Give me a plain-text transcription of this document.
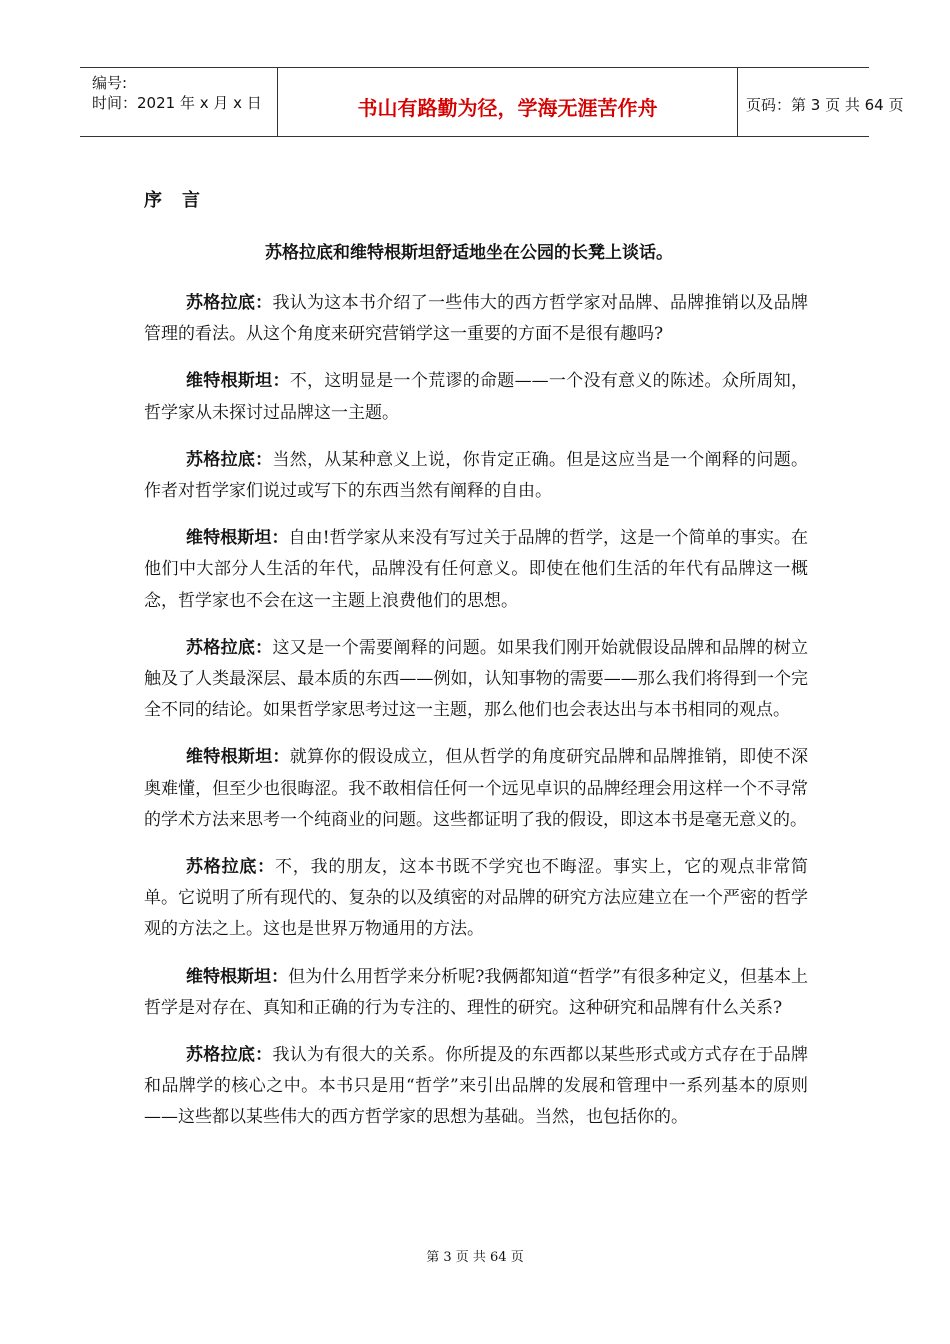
编号:
时间：2021 年 x 月 x 日	书山有路勤为径，学海无涯苦作舟	页码：第 3 页 共 64 页
序言
苏格拉底和维特根斯坦舒适地坐在公园的长凳上谈话。

苏格拉底：我认为这本书介绍了一些伟大的西方哲学家对品牌、品牌推销以及品牌管理的看法。从这个角度来研究营销学这一重要的方面不是很有趣吗?

维特根斯坦：不，这明显是一个荒谬的命题——一个没有意义的陈述。众所周知，哲学家从未探讨过品牌这一主题。

苏格拉底：当然，从某种意义上说，你肯定正确。但是这应当是一个阐释的问题。作者对哲学家们说过或写下的东西当然有阐释的自由。

维特根斯坦：自由!哲学家从来没有写过关于品牌的哲学，这是一个简单的事实。在他们中大部分人生活的年代，品牌没有任何意义。即使在他们生活的年代有品牌这一概念，哲学家也不会在这一主题上浪费他们的思想。

苏格拉底：这又是一个需要阐释的问题。如果我们刚开始就假设品牌和品牌的树立触及了人类最深层、最本质的东西——例如，认知事物的需要——那么我们将得到一个完全不同的结论。如果哲学家思考过这一主题，那么他们也会表达出与本书相同的观点。

维特根斯坦：就算你的假设成立，但从哲学的角度研究品牌和品牌推销，即使不深奥难懂，但至少也很晦涩。我不敢相信任何一个远见卓识的品牌经理会用这样一个不寻常的学术方法来思考一个纯商业的问题。这些都证明了我的假设，即这本书是毫无意义的。

苏格拉底：不，我的朋友，这本书既不学究也不晦涩。事实上，它的观点非常简单。它说明了所有现代的、复杂的以及缜密的对品牌的研究方法应建立在一个严密的哲学观的方法之上。这也是世界万物通用的方法。

维特根斯坦：但为什么用哲学来分析呢?我俩都知道“哲学”有很多种定义，但基本上哲学是对存在、真知和正确的行为专注的、理性的研究。这种研究和品牌有什么关系?

苏格拉底：我认为有很大的关系。你所提及的东西都以某些形式或方式存在于品牌和品牌学的核心之中。本书只是用“哲学”来引出品牌的发展和管理中一系列基本的原则——这些都以某些伟大的西方哲学家的思想为基础。当然，也包括你的。

第 3 页 共 64 页
